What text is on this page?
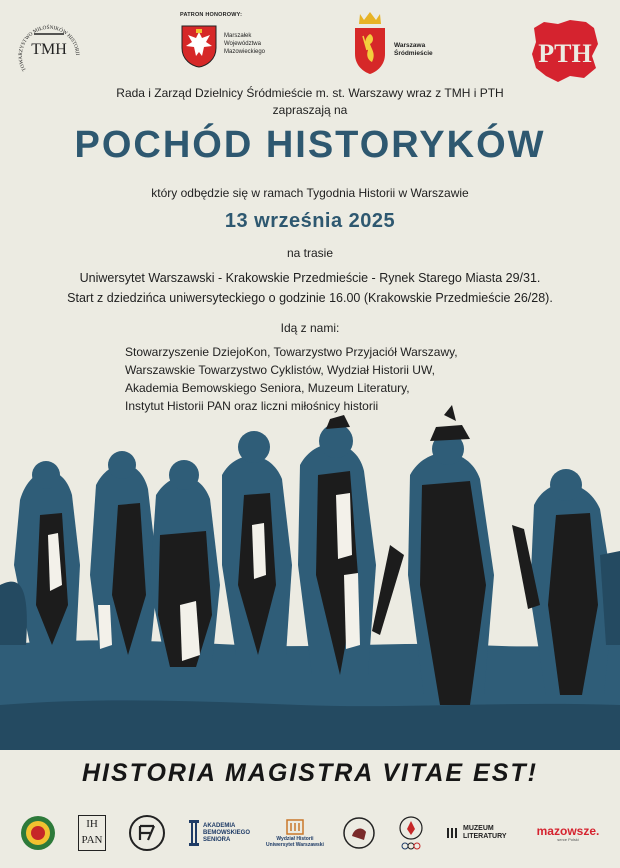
TOWARZYSTWO MIŁOŚNIKÓW HISTORII
TMH
PATRON HONOROWY:
Marszałek
Województwa
Mazowieckiego
Warszawa
Śródmieście	PTH
Rada i Zarząd Dzielnicy Śródmieście m. st. Warszawy wraz z TMH i PTH
zapraszają na
POCHÓD HISTORYKÓW
który odbędzie się w ramach Tygodnia Historii w Warszawie
13 września 2025
na trasie
Uniwersytet Warszawski - Krakowskie Przedmieście - Rynek Starego Miasta 29/31.
Start z dziedzińca uniwersyteckiego o godzinie 16.00 (Krakowskie Przedmieście 26/28).
Idą z nami:
Stowarzyszenie DziejoKon, Towarzystwo Przyjaciół Warszawy,
Warszawskie Towarzystwo Cyklistów, Wydział Historii UW,
Akademia Bemowskiego Seniora, Muzeum Literatury,
Instytut Historii PAN oraz liczni miłośnicy historii
HISTORIA MAGISTRA VITAE EST!
IH
PAN
AKADEMIA
BEMOWSKIEGO
SENIORA	Wydział Historii
Uniwersytet Warszawski
MUZEUM
LITERATURY	mazowsze.
serce Polski
